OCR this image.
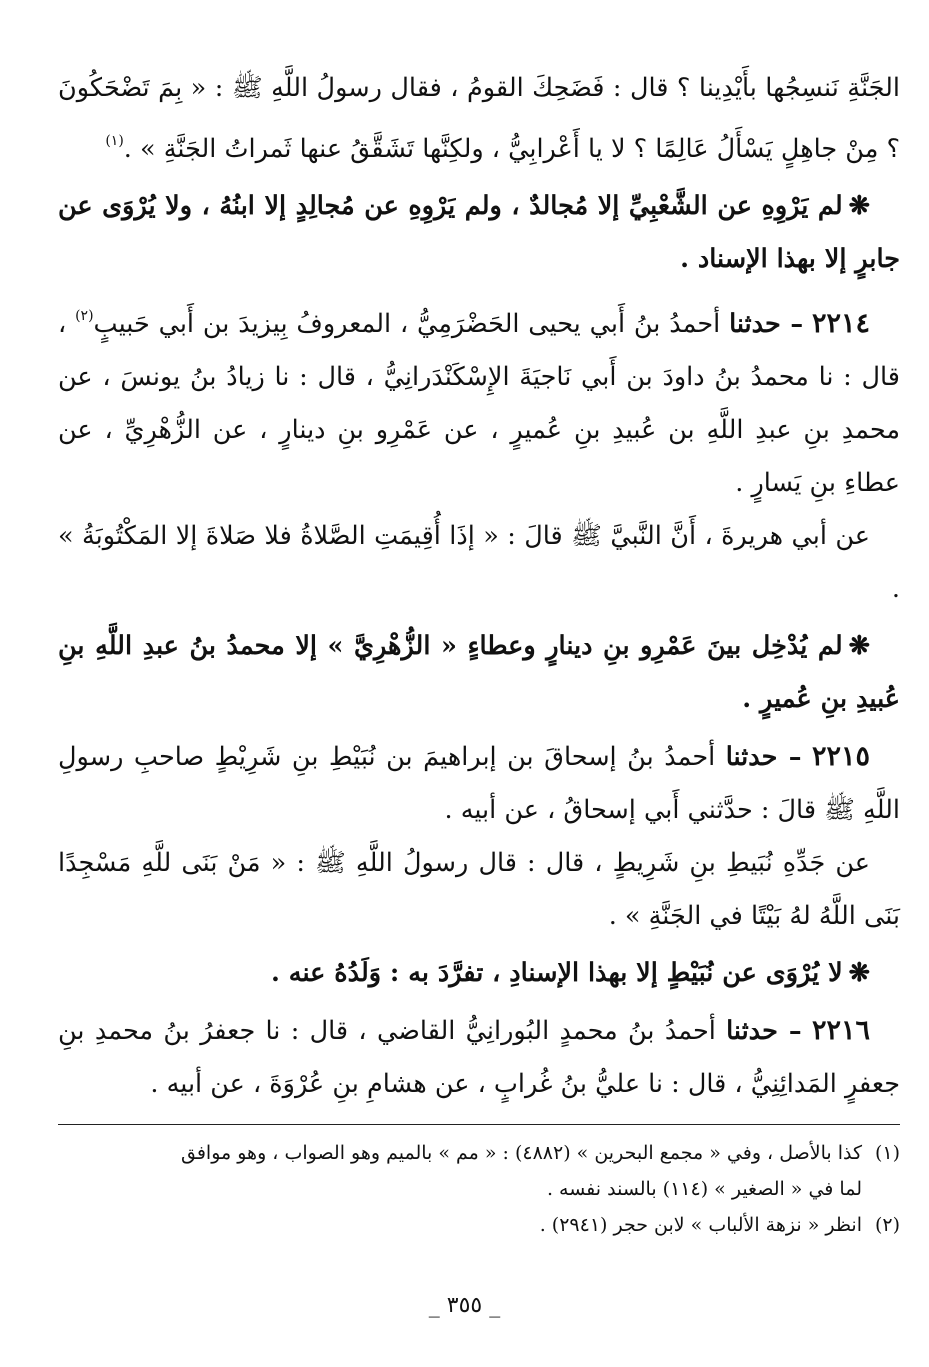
الجَنَّةِ نَنسِجُها بأَيْدِينا ؟ قال : فَضَحِكَ القومُ ، فقال رسولُ اللَّهِ ﷺ : « بِمَ تَضْحَكُونَ ؟ مِنْ جاهِلٍ يَسْأَلُ عَالِمًا ؟ لا يا أَعْرابِيُّ ، ولكِنَّها تَشَقَّقُ عنها ثَمراتُ الجَنَّةِ » .$^{(١)}$

❋لم يَرْوِهِ عن الشَّعْبِيِّ إلا مُجالدٌ ، ولم يَرْوِهِ عن مُجالِدٍ إلا ابنُهُ ، ولا يُرْوَى عن جابرٍ إلا بهذا الإسناد .

٢٢١٤ – حدثنا أحمدُ بنُ أَبي يحيى الحَضْرَمِيُّ ، المعروفُ بِيزيدَ بن أَبي حَبيبٍ$^{(٢)}$ ، قال : نا محمدُ بنُ داودَ بن أَبي نَاجيَةَ الإِسْكَنْدَرانِيُّ ، قال : نا زيادُ بنُ يونسَ ، عن محمدِ بنِ عبدِ اللَّهِ بن عُبيدِ بنِ عُميرٍ ، عن عَمْرِو بنِ دينارٍ ، عن الزُّهْرِيِّ ، عن عطاءِ بنِ يَسارٍ .

عن أبي هريرةَ ، أَنَّ النَّبيَّ ﷺ قالَ : « إذَا أُقِيمَتِ الصَّلاةُ فلا صَلاةَ إلا المَكْتُوبَةُ » .

❋لم يُدْخِل بينَ عَمْرِو بنِ دينارٍ وعطاءٍ « الزُّهْرِيَّ » إلا محمدُ بنُ عبدِ اللَّهِ بنِ عُبيدِ بنِ عُميرٍ .

٢٢١٥ – حدثنا أحمدُ بنُ إسحاقَ بن إبراهيمَ بن نُبَيْطِ بنِ شَرِيْطٍ صاحبِ رسولِ اللَّهِ ﷺ قالَ : حدَّثني أَبي إسحاقُ ، عن أبيه .

عن جَدِّهِ نُبَيطِ بنِ شَرِيطٍ ، قال : قال رسولُ اللَّهِ ﷺ : « مَنْ بَنَى للَّهِ مَسْجِدًا بَنَى اللَّهُ لهُ بَيْتًا في الجَنَّةِ » .

❋لا يُرْوَى عن نُبَيْطٍ إلا بهذا الإسنادِ ، تفرَّدَ به : وَلَدُهُ عنه .

٢٢١٦ – حدثنا أحمدُ بنُ محمدٍ البُورانِيُّ القاضي ، قال : نا جعفرُ بنُ محمدِ بنِ جعفرٍ المَدائِنِيُّ ، قال : نا عليُّ بنُ غُرابٍ ، عن هشامِ بنِ عُرْوَةَ ، عن أبيه .

(١)كذا بالأصل ، وفي « مجمع البحرين » (٤٨٨٢) : « مم » بالميم وهو الصواب ، وهو موافق

لما في « الصغير » (١١٤) بالسند نفسه .

(٢)انظر « نزهة الألباب » لابن حجر (٢٩٤١) .

_ ٣٥٥ _
